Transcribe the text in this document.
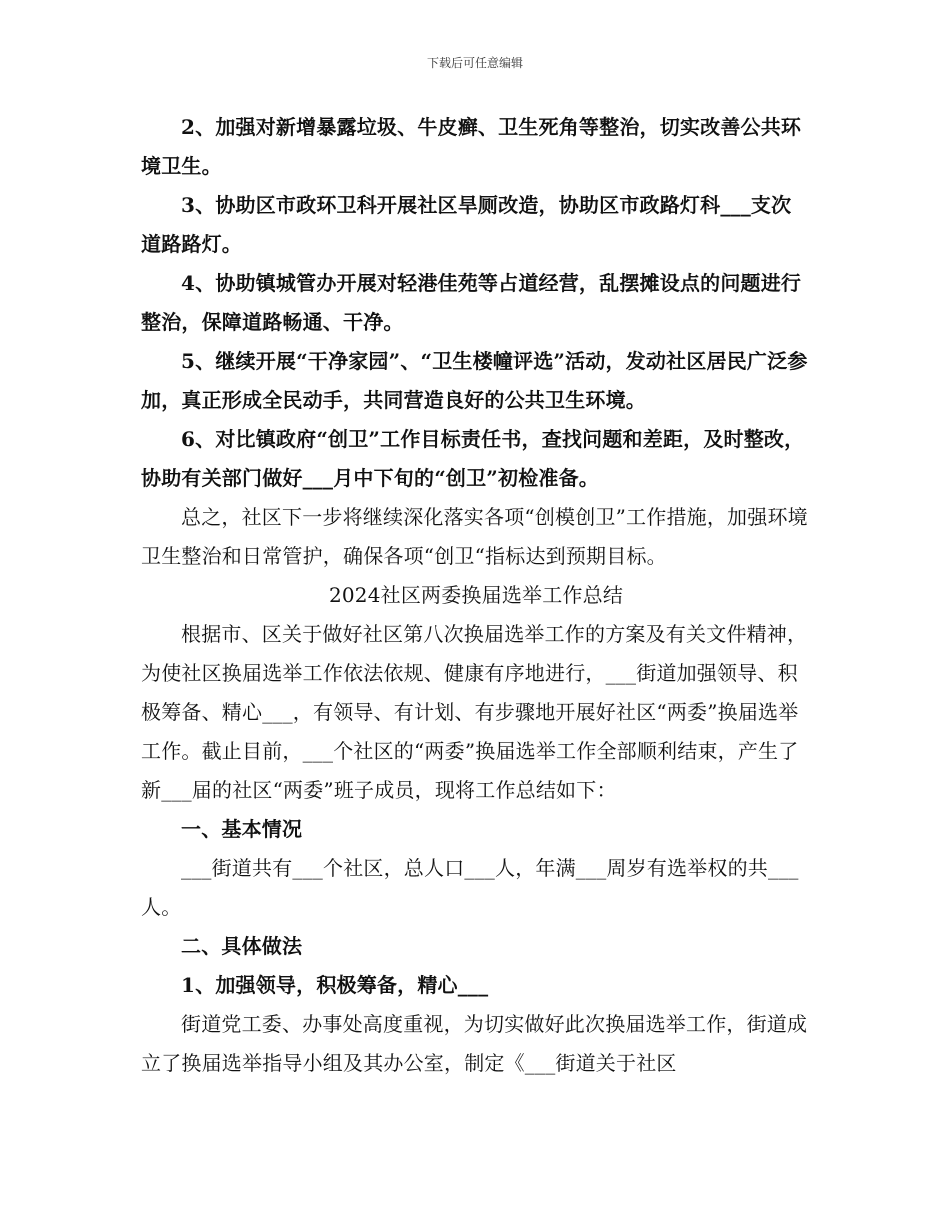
下载后可任意编辑

2、加强对新增暴露垃圾、牛皮癣、卫生死角等整治，切实改善公共环境卫生。

3、协助区市政环卫科开展社区旱厕改造，协助区市政路灯科___支次道路路灯。

4、协助镇城管办开展对轻港佳苑等占道经营，乱摆摊设点的问题进行整治，保障道路畅通、干净。

5、继续开展“干净家园”、“卫生楼幢评选”活动，发动社区居民广泛参加，真正形成全民动手，共同营造良好的公共卫生环境。

6、对比镇政府“创卫”工作目标责任书，查找问题和差距，及时整改，协助有关部门做好___月中下旬的“创卫”初检准备。

总之，社区下一步将继续深化落实各项“创模创卫”工作措施，加强环境卫生整治和日常管护，确保各项“创卫“指标达到预期目标。

2024社区两委换届选举工作总结

根据市、区关于做好社区第八次换届选举工作的方案及有关文件精神，为使社区换届选举工作依法依规、健康有序地进行，___街道加强领导、积极筹备、精心___，有领导、有计划、有步骤地开展好社区“两委”换届选举工作。截止目前，___个社区的“两委”换届选举工作全部顺利结束，产生了新___届的社区“两委”班子成员，现将工作总结如下：

一、基本情况

___街道共有___个社区，总人口___人，年满___周岁有选举权的共___人。

二、具体做法

1、加强领导，积极筹备，精心___

街道党工委、办事处高度重视，为切实做好此次换届选举工作，街道成立了换届选举指导小组及其办公室，制定《___街道关于社区
